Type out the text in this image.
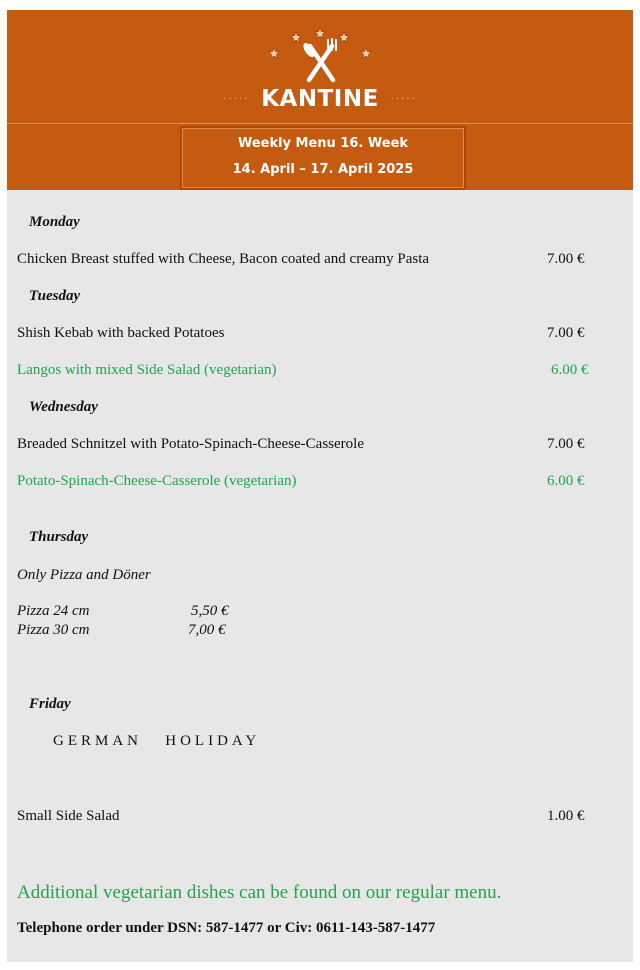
····· KANTINE ·····
Weekly Menu 16. Week
14. April – 17. April 2025
Monday
Chicken Breast stuffed with Cheese, Bacon coated and creamy Pasta	7.00 €
Tuesday
Shish Kebab with backed Potatoes	7.00 €
Langos with mixed Side Salad (vegetarian)	6.00 €
Wednesday
Breaded Schnitzel with Potato-Spinach-Cheese-Casserole	7.00 €
Potato-Spinach-Cheese-Casserole (vegetarian)	6.00 €
Thursday
Only Pizza and Döner
Pizza 24 cm	5,50 €
Pizza 30 cm	7,00 €
Friday
GERMAN   HOLIDAY
Small Side Salad	1.00 €
Additional vegetarian dishes can be found on our regular menu.
Telephone order under DSN: 587-1477 or Civ: 0611-143-587-1477
